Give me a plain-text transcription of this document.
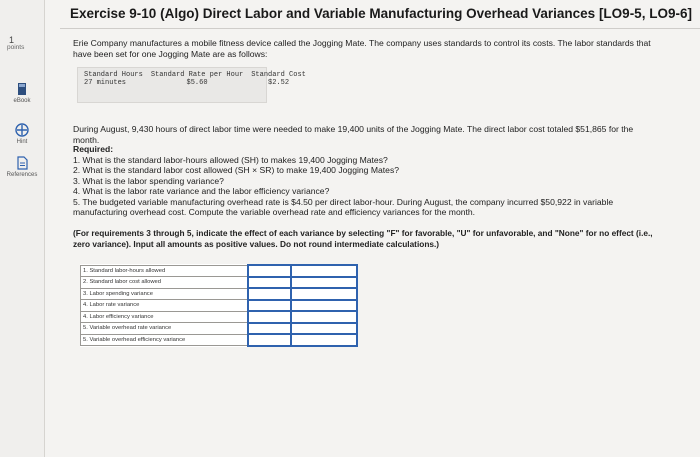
1
points
eBook
Hint
References
Exercise 9-10 (Algo) Direct Labor and Variable Manufacturing Overhead Variances [LO9-5, LO9-6]

Erie Company manufactures a mobile fitness device called the Jogging Mate. The company uses standards to control its costs. The labor standards that have been set for one Jogging Mate are as follows:

Standard Hours	Standard Rate per Hour	Standard Cost
27 minutes	$5.60	$2.52

During August, 9,430 hours of direct labor time were needed to make 19,400 units of the Jogging Mate. The direct labor cost totaled $51,865 for the month.

Required:
1. What is the standard labor-hours allowed (SH) to makes 19,400 Jogging Mates?
2. What is the standard labor cost allowed (SH × SR) to make 19,400 Jogging Mates?
3. What is the labor spending variance?
4. What is the labor rate variance and the labor efficiency variance?
5. The budgeted variable manufacturing overhead rate is $4.50 per direct labor-hour. During August, the company incurred $50,922 in variable manufacturing overhead cost. Compute the variable overhead rate and efficiency variances for the month.

(For requirements 3 through 5, indicate the effect of each variance by selecting "F" for favorable, "U" for unfavorable, and "None" for no effect (i.e., zero variance). Input all amounts as positive values. Do not round intermediate calculations.)

1. Standard labor-hours allowed		
2. Standard labor cost allowed		
3. Labor spending variance		
4. Labor rate variance		
4. Labor efficiency variance		
5. Variable overhead rate variance		
5. Variable overhead efficiency variance		
